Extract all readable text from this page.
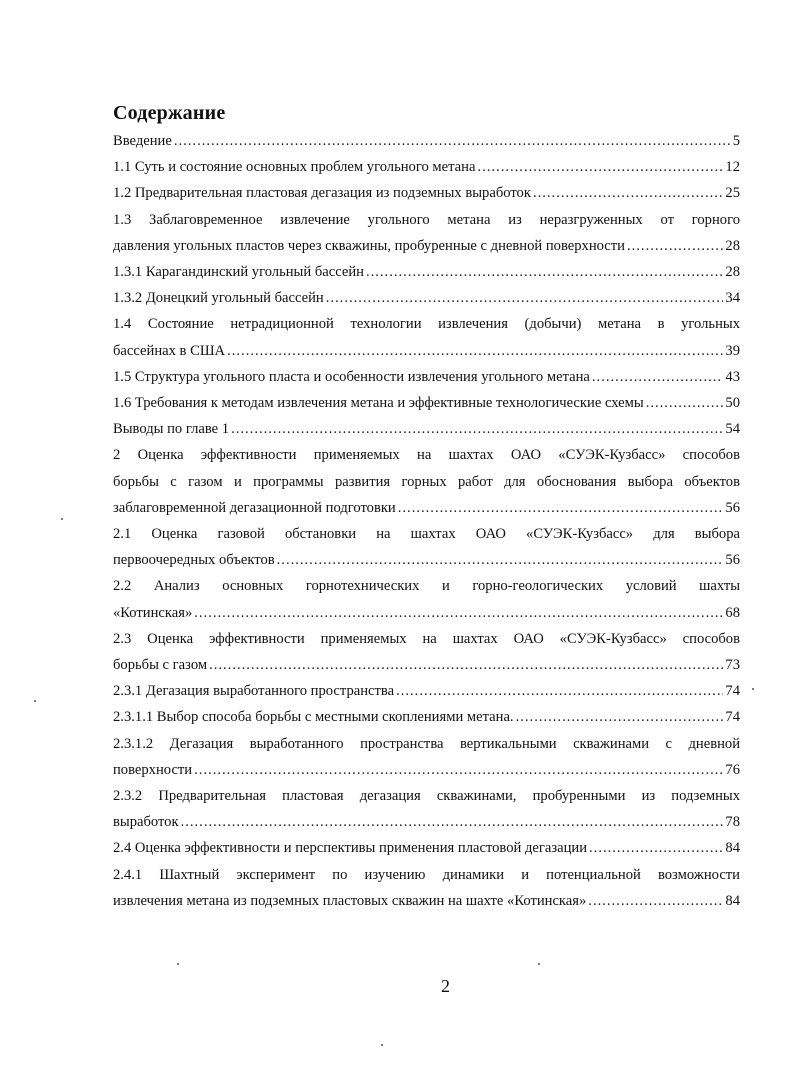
Содержание
Введение .....	5
1.1 Суть и состояние основных проблем угольного метана .....	12
1.2 Предварительная пластовая дегазация из подземных выработок .....	25
1.3 Заблаговременное извлечение угольного метана из неразгруженных от горного
давления угольных пластов через скважины, пробуренные с дневной поверхности .....	28
1.3.1 Карагандинский угольный бассейн .....	28
1.3.2 Донецкий угольный бассейн .....	34
1.4 Состояние нетрадиционной технологии извлечения (добычи) метана в угольных
бассейнах в США .....	39
1.5 Структура угольного пласта и особенности извлечения угольного метана .....	43
1.6 Требования к методам извлечения метана и эффективные технологические схемы .....	50
Выводы по главе 1 .....	54
2 Оценка эффективности применяемых на шахтах ОАО «СУЭК-Кузбасс» способов
борьбы с газом и программы развития горных работ для обоснования выбора объектов
заблаговременной дегазационной подготовки .....	56
2.1 Оценка газовой обстановки на шахтах ОАО «СУЭК-Кузбасс» для выбора
первоочередных объектов .....	56
2.2 Анализ основных горнотехнических и горно-геологических условий шахты
«Котинская» .....	68
2.3 Оценка эффективности применяемых на шахтах ОАО «СУЭК-Кузбасс» способов
борьбы с газом .....	73
2.3.1 Дегазация выработанного пространства .....	74
2.3.1.1 Выбор способа борьбы с местными скоплениями метана. .....	74
2.3.1.2 Дегазация выработанного пространства вертикальными скважинами с дневной
поверхности .....	76
2.3.2 Предварительная пластовая дегазация скважинами, пробуренными из подземных
выработок .....	78
2.4 Оценка эффективности и перспективы применения пластовой дегазации .....	84
2.4.1 Шахтный эксперимент по изучению динамики и потенциальной возможности
извлечения метана из подземных пластовых скважин на шахте «Котинская» .....	84
2
